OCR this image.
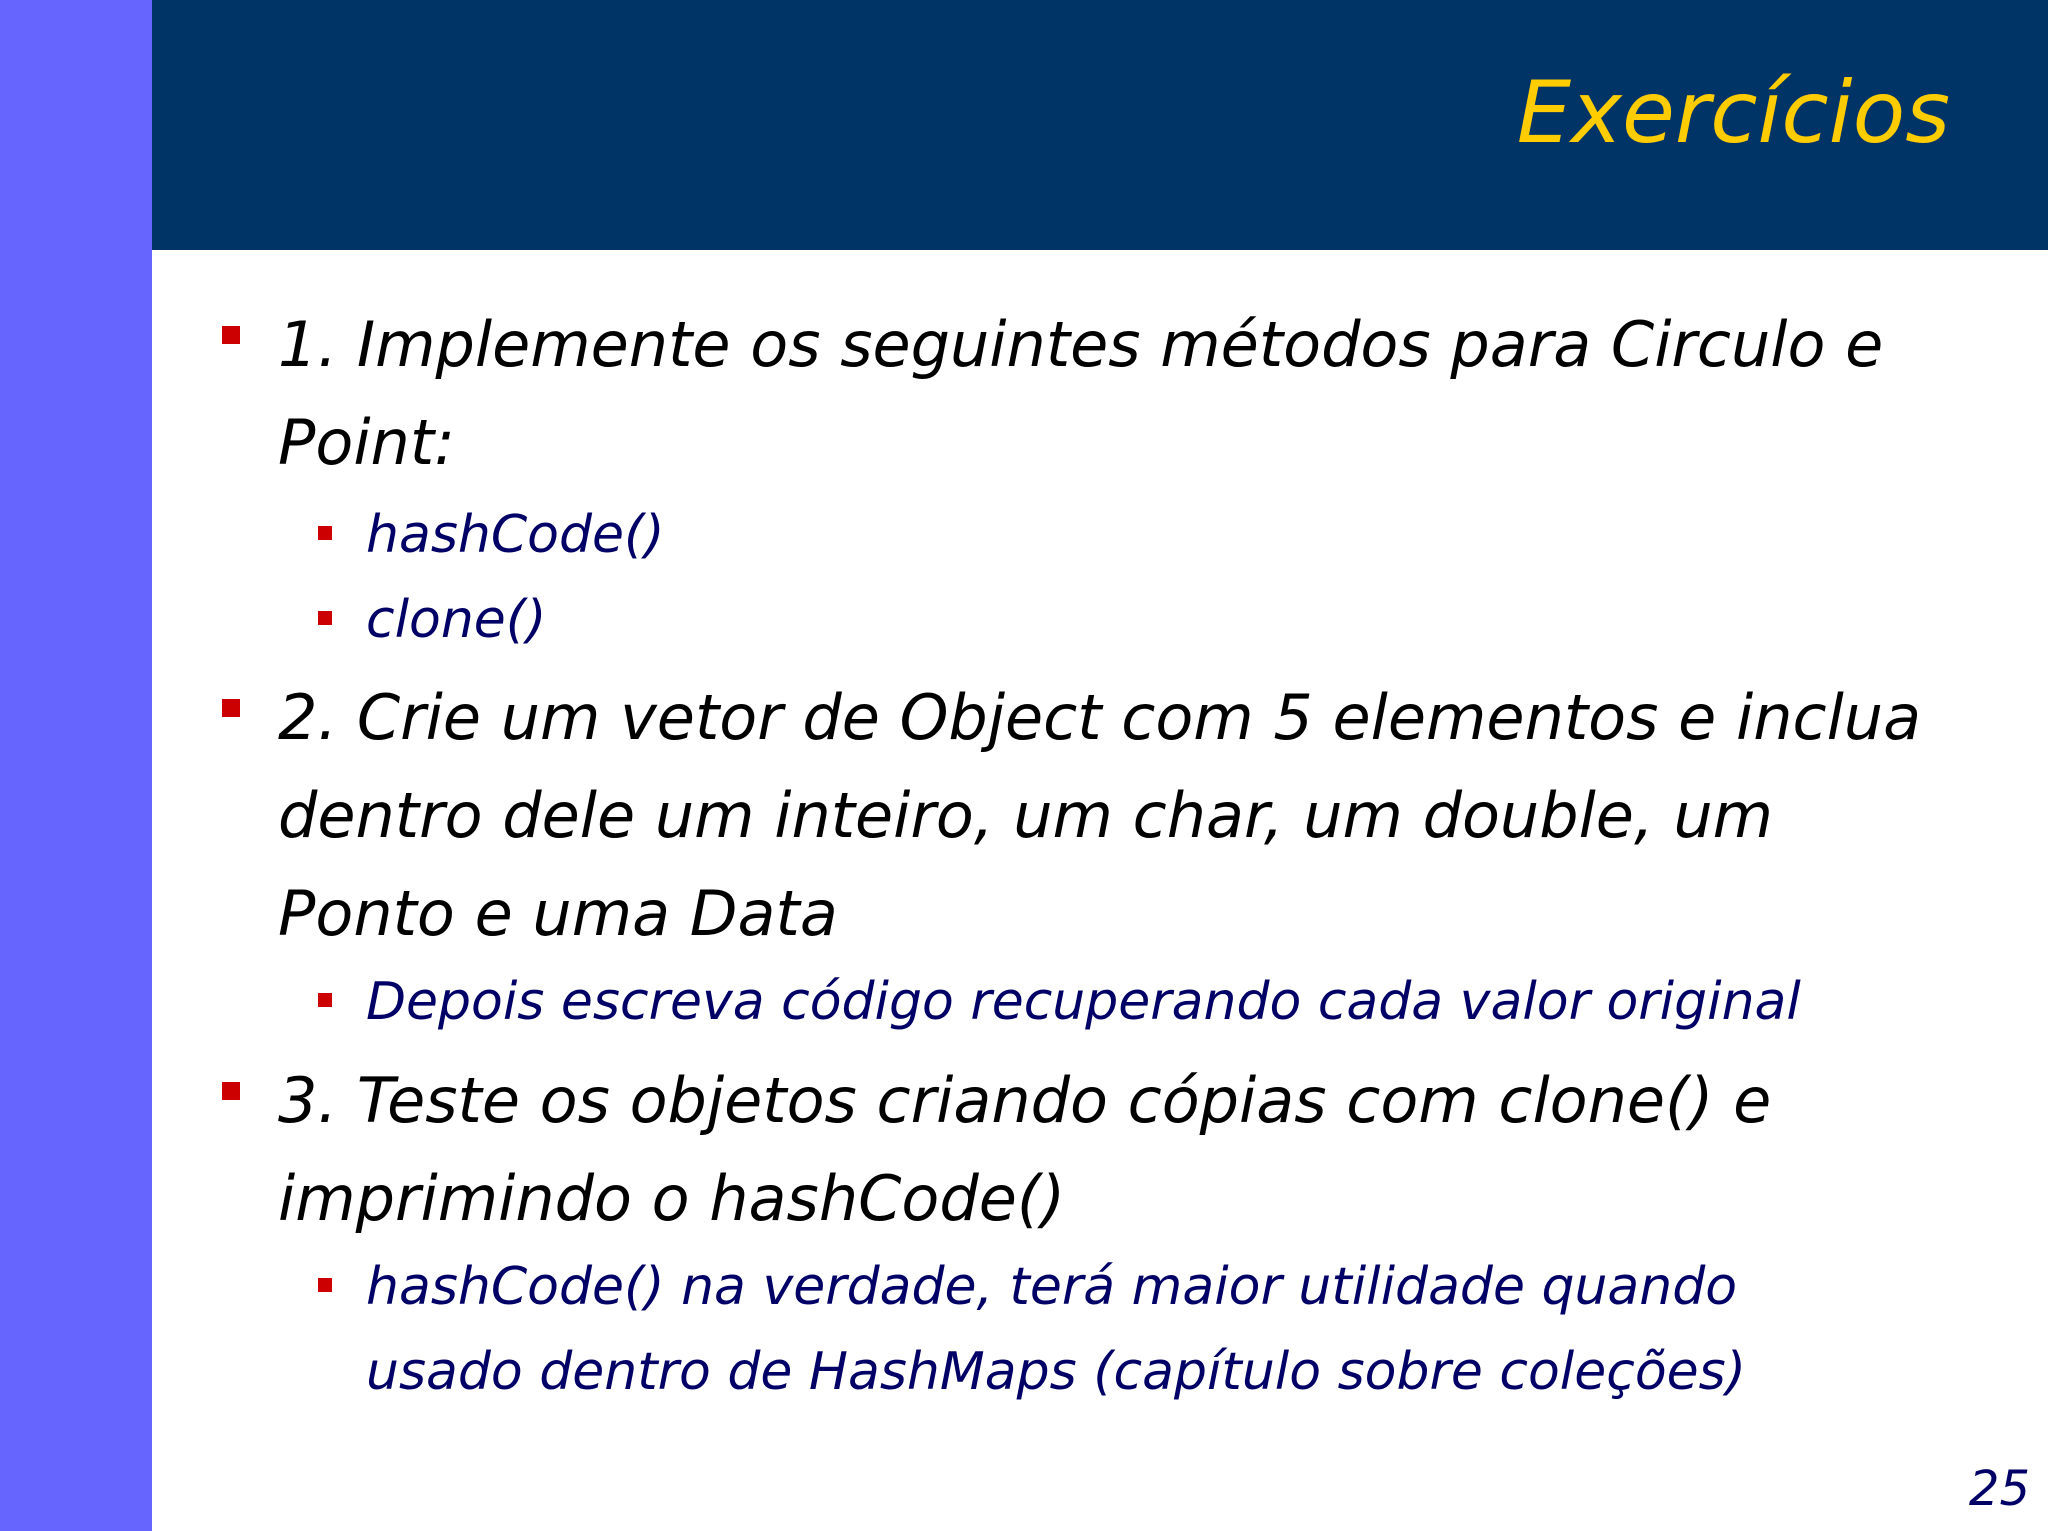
Exercícios
1. Implemente os seguintes métodos para Circulo e
Point:
hashCode()
clone()
2. Crie um vetor de Object com 5 elementos e inclua
dentro dele um inteiro, um char, um double, um
Ponto e uma Data
Depois escreva código recuperando cada valor original
3. Teste os objetos criando cópias com clone() e
imprimindo o hashCode()
hashCode() na verdade, terá maior utilidade quando
usado dentro de HashMaps (capítulo sobre coleções)
25
